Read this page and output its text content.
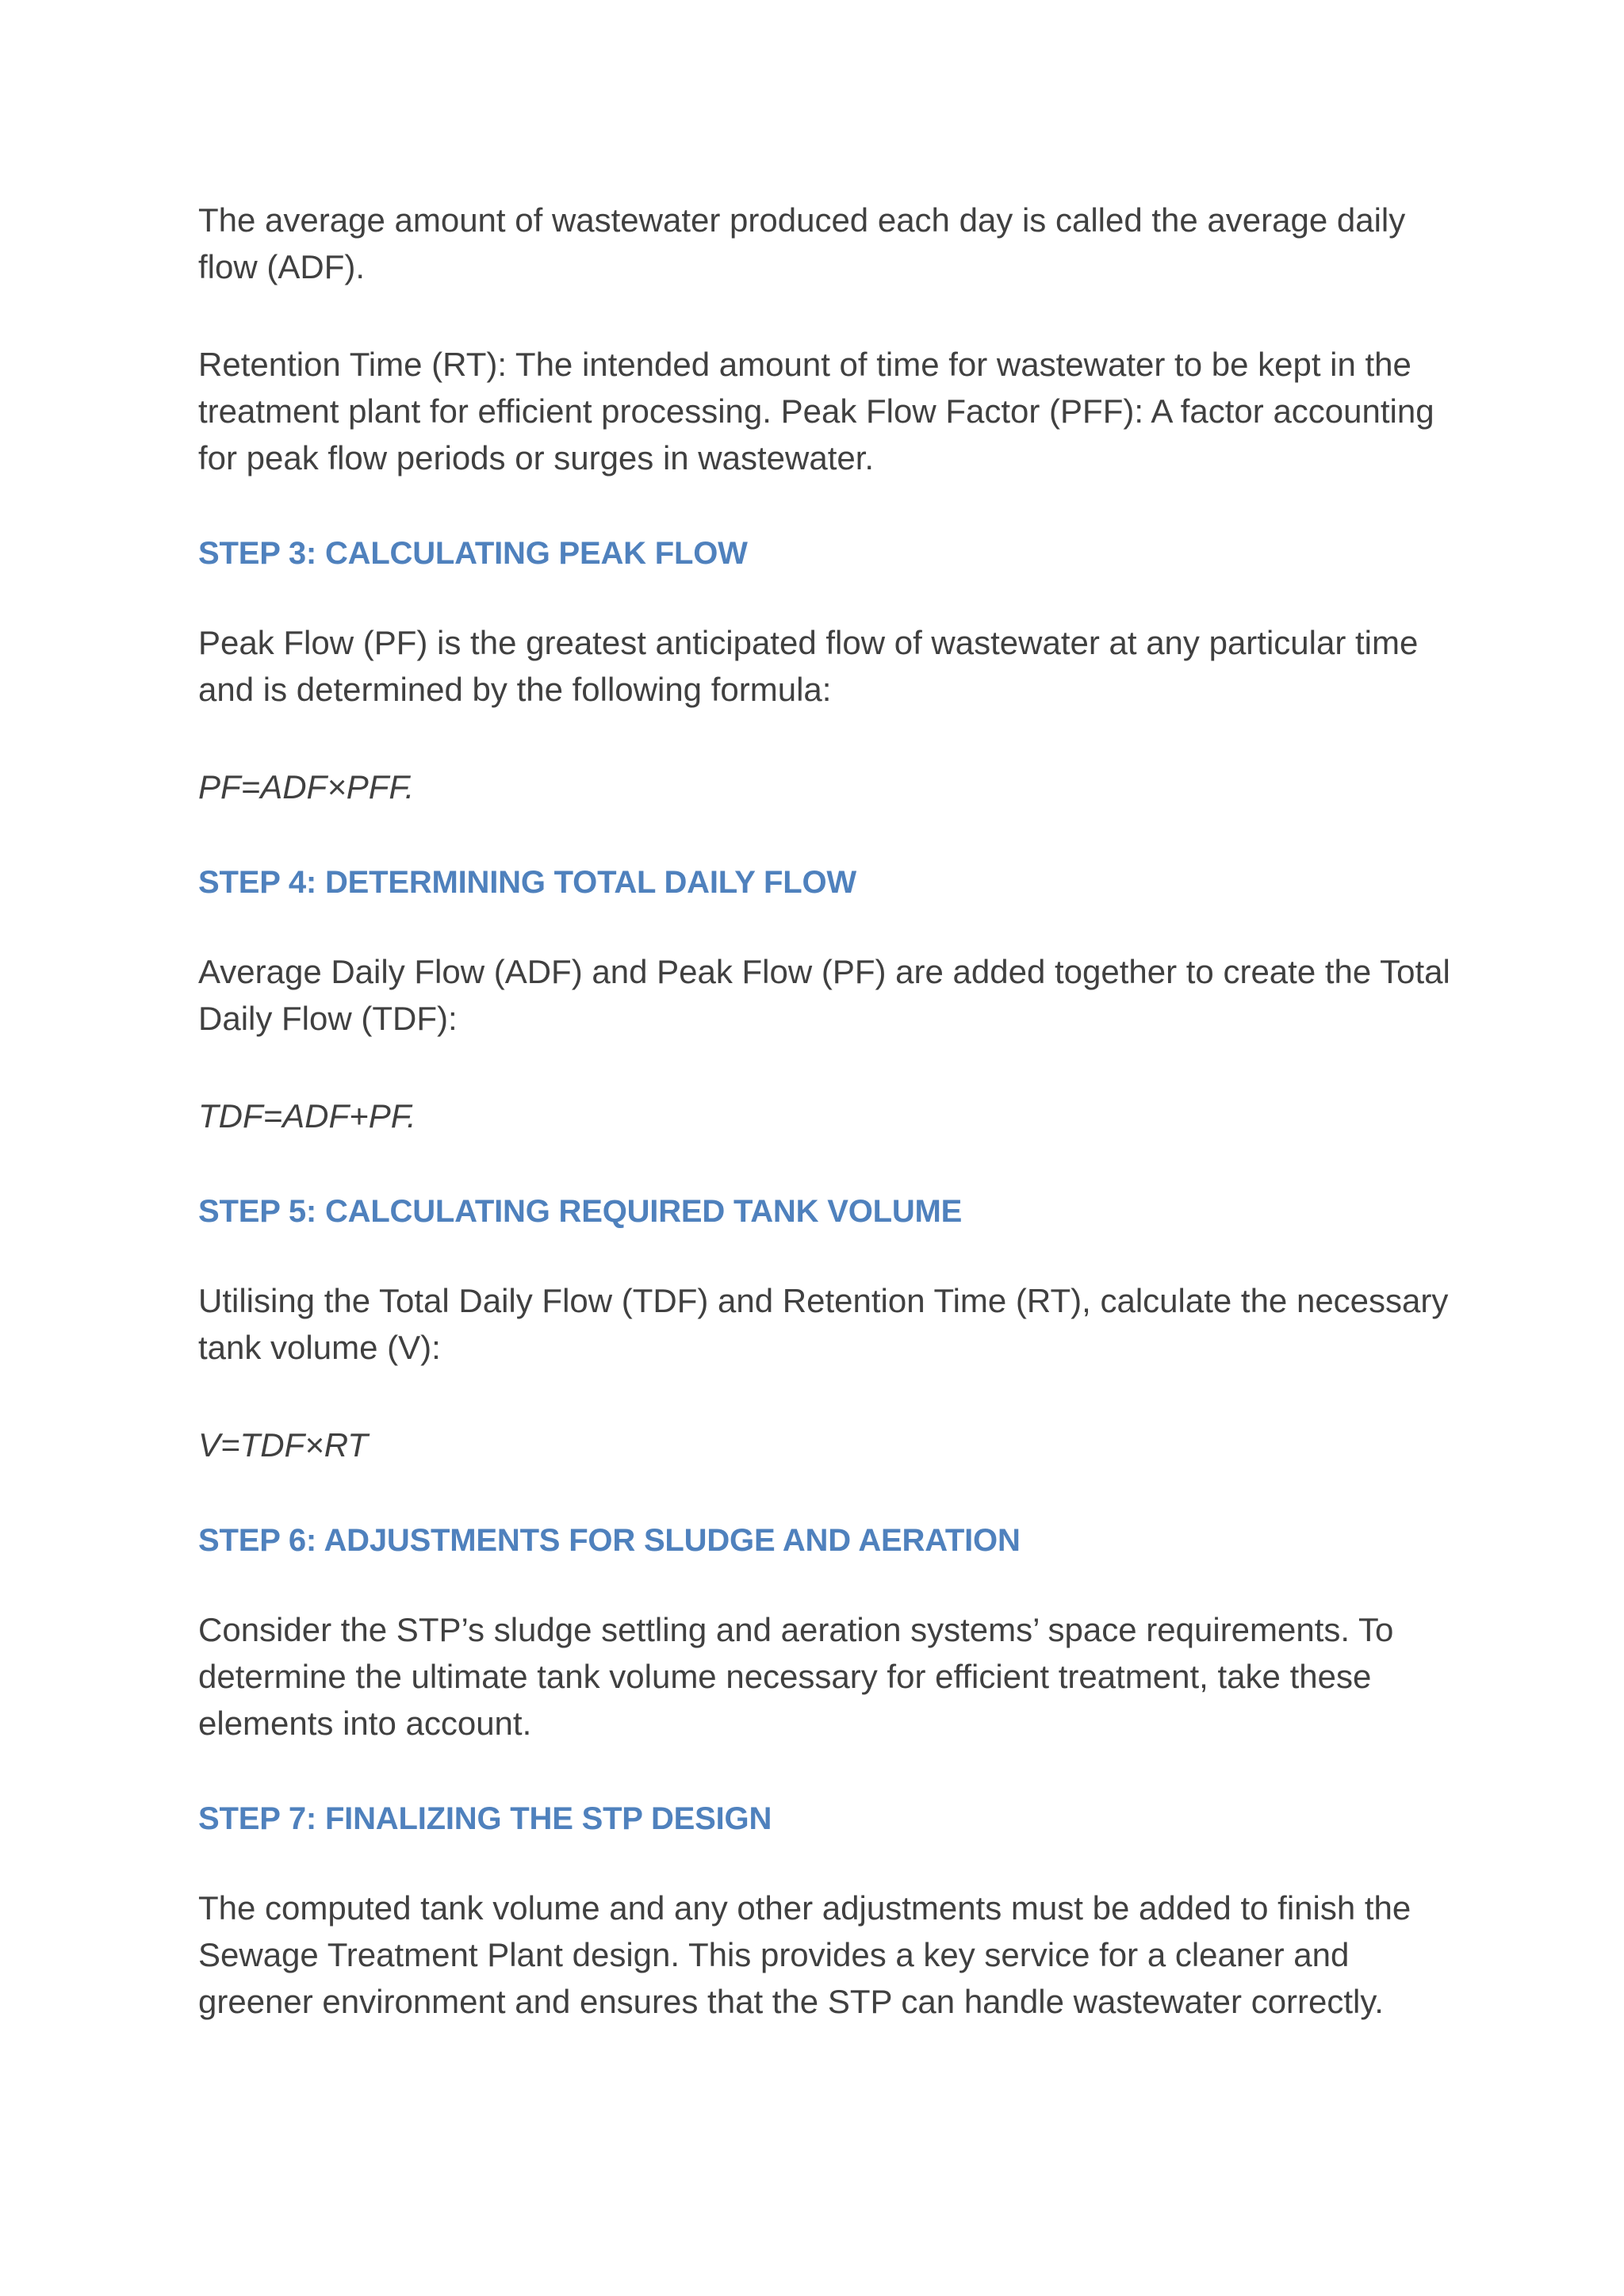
The average amount of wastewater produced each day is called the average daily flow (ADF).

Retention Time (RT): The intended amount of time for wastewater to be kept in the treatment plant for efficient processing. Peak Flow Factor (PFF): A factor accounting for peak flow periods or surges in wastewater.

STEP 3: CALCULATING PEAK FLOW

Peak Flow (PF) is the greatest anticipated flow of wastewater at any particular time and is determined by the following formula:

PF=ADF×PFF.

STEP 4: DETERMINING TOTAL DAILY FLOW

Average Daily Flow (ADF) and Peak Flow (PF) are added together to create the Total Daily Flow (TDF):

TDF=ADF+PF.

STEP 5: CALCULATING REQUIRED TANK VOLUME

Utilising the Total Daily Flow (TDF) and Retention Time (RT), calculate the necessary tank volume (V):

V=TDF×RT

STEP 6: ADJUSTMENTS FOR SLUDGE AND AERATION

Consider the STP’s sludge settling and aeration systems’ space requirements. To determine the ultimate tank volume necessary for efficient treatment, take these elements into account.

STEP 7: FINALIZING THE STP DESIGN

The computed tank volume and any other adjustments must be added to finish the Sewage Treatment Plant design. This provides a key service for a cleaner and greener environment and ensures that the STP can handle wastewater correctly.
